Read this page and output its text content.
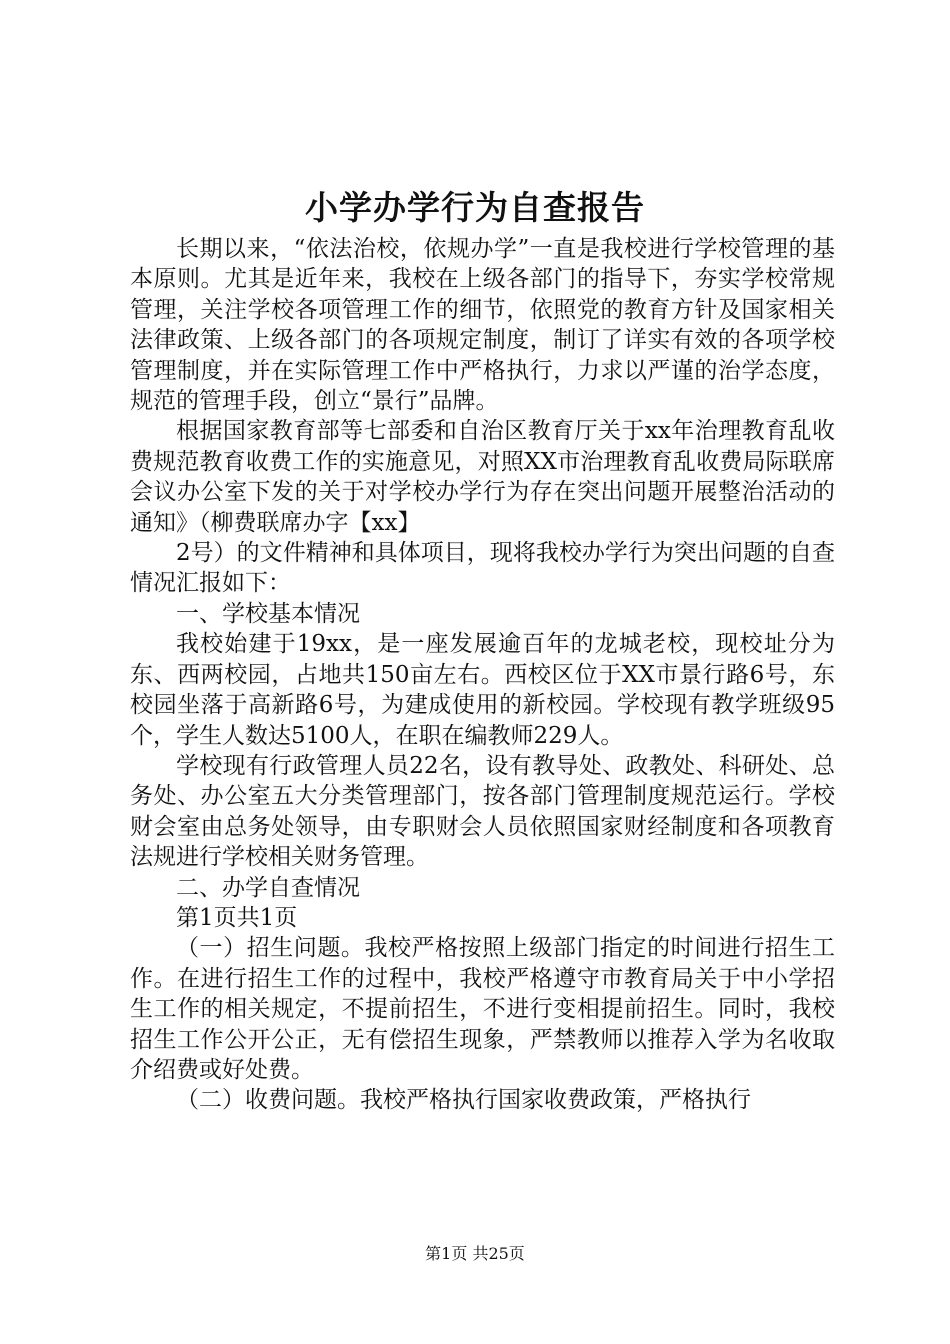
小学办学行为自查报告

长期以来，“依法治校，依规办学”一直是我校进行学校管理的基本原则。尤其是近年来，我校在上级各部门的指导下，夯实学校常规管理，关注学校各项管理工作的细节，依照党的教育方针及国家相关法律政策、上级各部门的各项规定制度，制订了详实有效的各项学校管理制度，并在实际管理工作中严格执行，力求以严谨的治学态度，规范的管理手段，创立“景行”品牌。

根据国家教育部等七部委和自治区教育厅关于xx年治理教育乱收费规范教育收费工作的实施意见，对照XX市治理教育乱收费局际联席会议办公室下发的关于对学校办学行为存在突出问题开展整治活动的通知》（柳费联席办字【xx】

2号）的文件精神和具体项目，现将我校办学行为突出问题的自查情况汇报如下：

一、学校基本情况

我校始建于19xx，是一座发展逾百年的龙城老校，现校址分为东、西两校园，占地共150亩左右。西校区位于XX市景行路6号，东校园坐落于高新路6号，为建成使用的新校园。学校现有教学班级95个，学生人数达5100人，在职在编教师229人。

学校现有行政管理人员22名，设有教导处、政教处、科研处、总务处、办公室五大分类管理部门，按各部门管理制度规范运行。学校财会室由总务处领导，由专职财会人员依照国家财经制度和各项教育法规进行学校相关财务管理。

二、办学自查情况

第1页共1页

（一）招生问题。我校严格按照上级部门指定的时间进行招生工作。在进行招生工作的过程中，我校严格遵守市教育局关于中小学招生工作的相关规定，不提前招生，不进行变相提前招生。同时，我校招生工作公开公正，无有偿招生现象，严禁教师以推荐入学为名收取介绍费或好处费。

（二）收费问题。我校严格执行国家收费政策，严格执行

第1页 共25页
